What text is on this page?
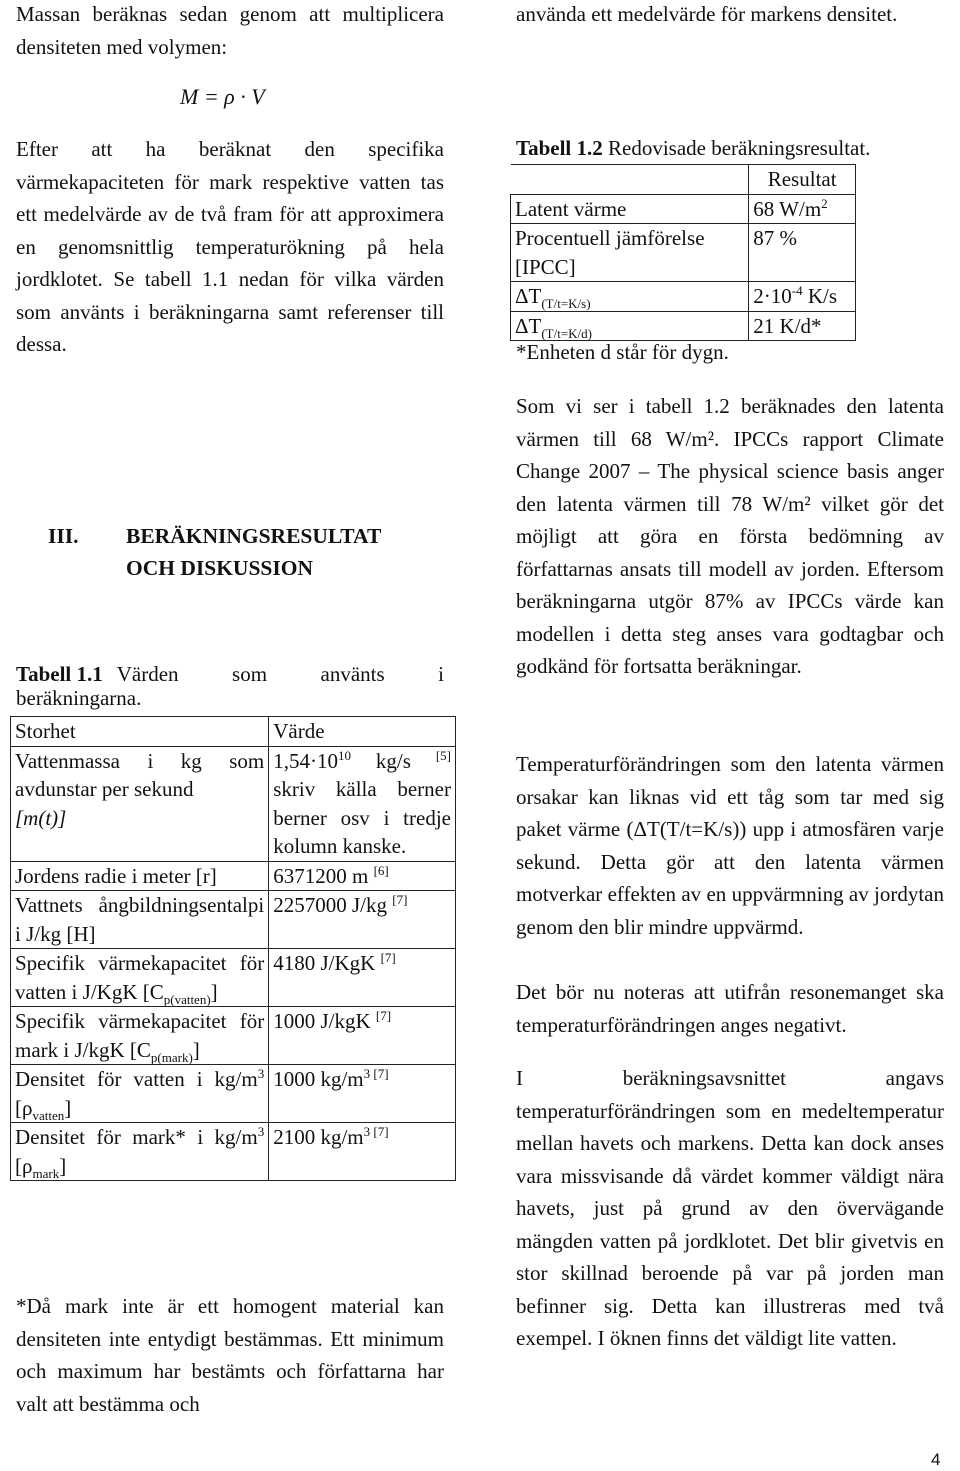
Massan beräknas sedan genom att multiplicera densiteten med volymen:

M = ρ · V

Efter att ha beräknat den specifika värmekapaciteten för mark respektive vatten tas ett medelvärde av de två fram för att approximera en genomsnittlig temperaturökning på hela jordklotet. Se tabell 1.1 nedan för vilka värden som använts i beräkningarna samt referenser till dessa.

III. BERÄKNINGSRESULTAT
OCH DISKUSSION
Tabell 1.1 Värden som använts i
beräkningarna.
Storhet	Värde
Vattenmassa i kg som avdunstar per sekund
[m(t)]	$1,54\cdot 10^{10}$ kg/s [5] skriv källa berner berner osv i tredje kolumn kanske.
Jordens radie i meter [r]	6371200 m [6]
Vattnets ångbildningsentalpi i J/kg [H]	2257000 J/kg [7]
Specifik värmekapacitet för vatten i J/KgK $[C_{p(vatten)}]$	4180 J/KgK [7]
Specifik värmekapacitet för mark i J/kgK $[C_{p(mark)}]$	1000 J/kgK [7]
Densitet för vatten i $kg/m^3$ $[\rho_{vatten}]$	1000 $kg/m^{3 [7]}$
Densitet för mark* i $kg/m^3$ $[\rho_{mark}]$	2100 $kg/m^{3 [7]}$

*Då mark inte är ett homogent material kan densiteten inte entydigt bestämmas. Ett minimum och maximum har bestämts och författarna har valt att bestämma och

använda ett medelvärde för markens densitet.

Tabell 1.2 Redovisade beräkningsresultat.
	Resultat
Latent värme	68 $W/m^2$
Procentuell jämförelse [IPCC]	87 %
$\Delta T_{(T/t=K/s)}$	$2\cdot 10^{-4}$ K/s
$\Delta T_{(T/t=K/d)}$	21 K/d*
*Enheten d står för dygn.

Som vi ser i tabell 1.2 beräknades den latenta värmen till 68 W/m². IPCCs rapport Climate Change 2007 – The physical science basis anger den latenta värmen till 78 W/m² vilket gör det möjligt att göra en första bedömning av författarnas ansats till modell av jorden. Eftersom beräkningarna utgör 87% av IPCCs värde kan modellen i detta steg anses vara godtagbar och godkänd för fortsatta beräkningar.

Temperaturförändringen som den latenta värmen orsakar kan liknas vid ett tåg som tar med sig paket värme (ΔT(T/t=K/s)) upp i atmosfären varje sekund. Detta gör att den latenta värmen motverkar effekten av en uppvärmning av jordytan genom den blir mindre uppvärmd.

Det bör nu noteras att utifrån resonemanget ska temperaturförändringen anges negativt.

I beräkningsavsnittet angavs temperaturförändringen som en medeltemperatur mellan havets och markens. Detta kan dock anses vara missvisande då värdet kommer väldigt nära havets, just på grund av den övervägande mängden vatten på jordklotet. Det blir givetvis en stor skillnad beroende på var på jorden man befinner sig. Detta kan illustreras med två exempel. I öknen finns det väldigt lite vatten.

4
